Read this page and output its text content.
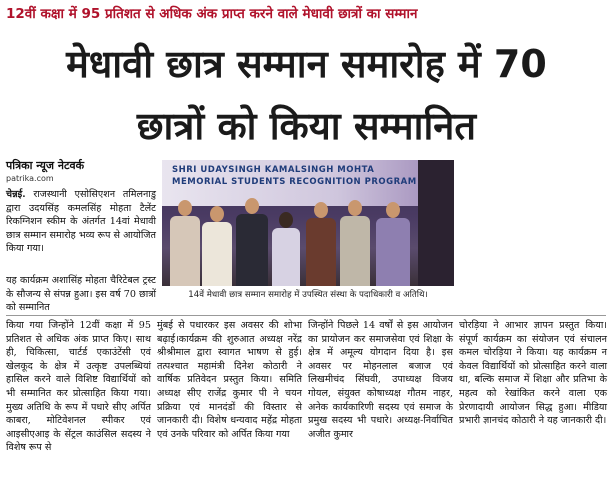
12वीं कक्षा में 95 प्रतिशत से अधिक अंक प्राप्त करने वाले मेधावी छात्रों का सम्मान
मेधावी छात्र सम्मान समारोह में 70
छात्रों को किया सम्मानित
पत्रिका न्यूज नेटवर्क
patrika.com

चेन्नई. राजस्थानी एसोसिएशन तमिलनाडु द्वारा उदयसिंह कमलसिंह मोहता टैलेंट रिकग्निशन स्कीम के अंतर्गत 14वां मेधावी छात्र सम्मान समारोह भव्य रूप से आयोजित किया गया।

यह कार्यक्रम अशासिंह मोहता चैरिटेबल ट्रस्ट के सौजन्य से संपन्न हुआ। इस वर्ष 70 छात्रों को सम्मानित

SHRI UDAYSINGH KAMALSINGH MOHTA MEMORIAL STUDENTS RECOGNITION PROGRAM
14वें मेधावी छात्र सम्मान समारोह में उपस्थित संस्था के पदाधिकारी व अतिथि।

किया गया जिन्होंने 12वीं कक्षा में 95 प्रतिशत से अधिक अंक प्राप्त किए। साथ ही, चिकित्सा, चार्टर्ड एकाउंटेंसी एवं खेलकूद के क्षेत्र में उत्कृष्ट उपलब्धियां हासिल करने वाले विशिष्ट विद्यार्थियों को भी सम्मानित कर प्रोत्साहित किया गया। मुख्य अतिथि के रूप में पधारे सीए अर्पित काबरा, मोटिवेशनल स्पीकर एवं आइसीएआइ के सेंट्रल काउंसिल सदस्य ने विशेष रूप से

मुंबई से पधारकर इस अवसर की शोभा बढ़ाई।कार्यक्रम की शुरुआत अध्यक्ष नरेंद्र श्रीश्रीमाल द्वारा स्वागत भाषण से हुई। तत्पश्चात महामंत्री दिनेश कोठारी ने वार्षिक प्रतिवेदन प्रस्तुत किया। समिति अध्यक्ष सीए राजेंद्र कुमार पी ने चयन प्रक्रिया एवं मानदंडों की विस्तार से जानकारी दी। विशेष धन्यवाद महेंद्र मोहता एवं उनके परिवार को अर्पित किया गया

जिन्होंने पिछले 14 वर्षों से इस आयोजन का प्रायोजन कर समाजसेवा एवं शिक्षा के क्षेत्र में अमूल्य योगदान दिया है। इस अवसर पर मोहनलाल बजाज एवं लिखमीचंद सिंघवी, उपाध्यक्ष विजय गोयल, संयुक्त कोषाध्यक्ष गौतम नाहर, अनेक कार्यकारिणी सदस्य एवं समाज के प्रमुख सदस्य भी पधारे। अध्यक्ष-निर्वाचित अजीत कुमार

चोरड़िया ने आभार ज्ञापन प्रस्तुत किया। संपूर्ण कार्यक्रम का संयोजन एवं संचालन कमल चोरड़िया ने किया। यह कार्यक्रम न केवल विद्यार्थियों को प्रोत्साहित करने वाला था, बल्कि समाज में शिक्षा और प्रतिभा के महत्व को रेखांकित करने वाला एक प्रेरणादायी आयोजन सिद्ध हुआ। मीडिया प्रभारी ज्ञानचंद कोठारी ने यह जानकारी दी।
